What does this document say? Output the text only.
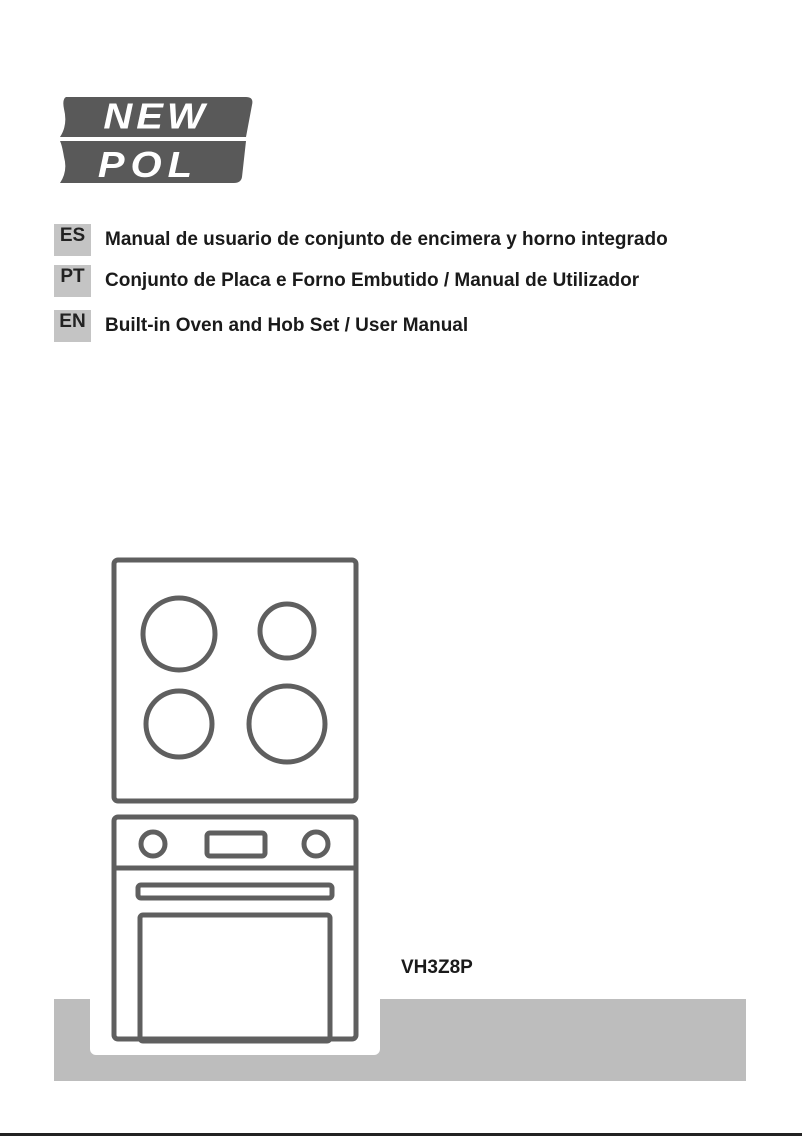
NEW
POL
ES	Manual de usuario de conjunto de encimera y horno integrado
PT	Conjunto de Placa e Forno Embutido / Manual de Utilizador
EN Built-in Oven and Hob Set / User Manual
VH3Z8P
